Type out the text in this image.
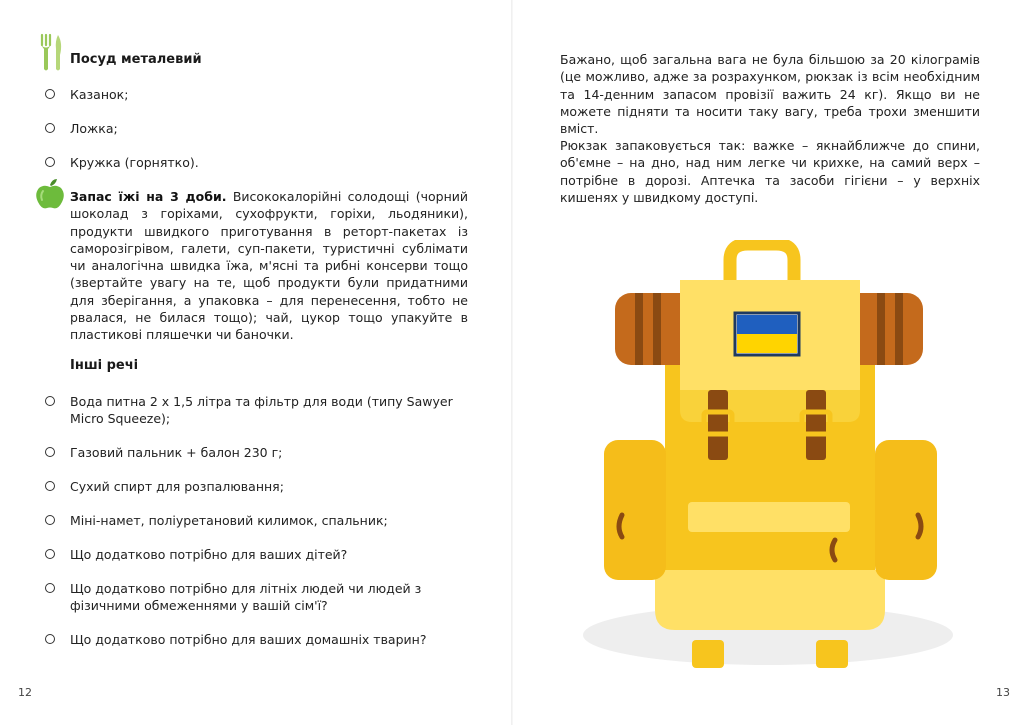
Посуд металевий
Казанок;
Ложка;
Кружка (горнятко).
Запас їжі на 3 доби. Висококалорійні солодощі (чорний шоколад з горіхами, сухофрукти, горіхи, льодяники), продукти швидкого приготування в реторт-пакетах із саморозігрівом, галети, суп-пакети, туристичні сублімати чи аналогічна швидка їжа, м'ясні та рибні консерви тощо (звертайте увагу на те, щоб продукти були придатними для зберігання, а упаковка – для перенесення, тобто не рвалася, не билася тощо); чай, цукор тощо упакуйте в пластикові пляшечки чи баночки.
Інші речі
Вода питна 2 х 1,5 літра та фільтр для води (типу Sawyer Micro Squeeze);
Газовий пальник + балон 230 г;
Сухий спирт для розпалювання;
Міні-намет, поліуретановий килимок, спальник;
Що додатково потрібно для ваших дітей?
Що додатково потрібно для літніх людей чи людей з фізичними обмеженнями у вашій сім'ї?
Що додатково потрібно для ваших домашніх тварин?
12
Бажано, щоб загальна вага не була більшою за 20 кілограмів (це можливо, адже за розрахунком, рюкзак із всім необхідним та 14-денним запасом провізії важить 24 кг). Якщо ви не можете підняти та носити таку вагу, треба трохи зменшити вміст.
Рюкзак запаковується так: важке – якнайближче до спини, об'ємне – на дно, над ним легке чи крихке, на самий верх – потрібне в дорозі. Аптечка та засоби гігієни – у верхніх кишенях у швидкому доступі.
13
